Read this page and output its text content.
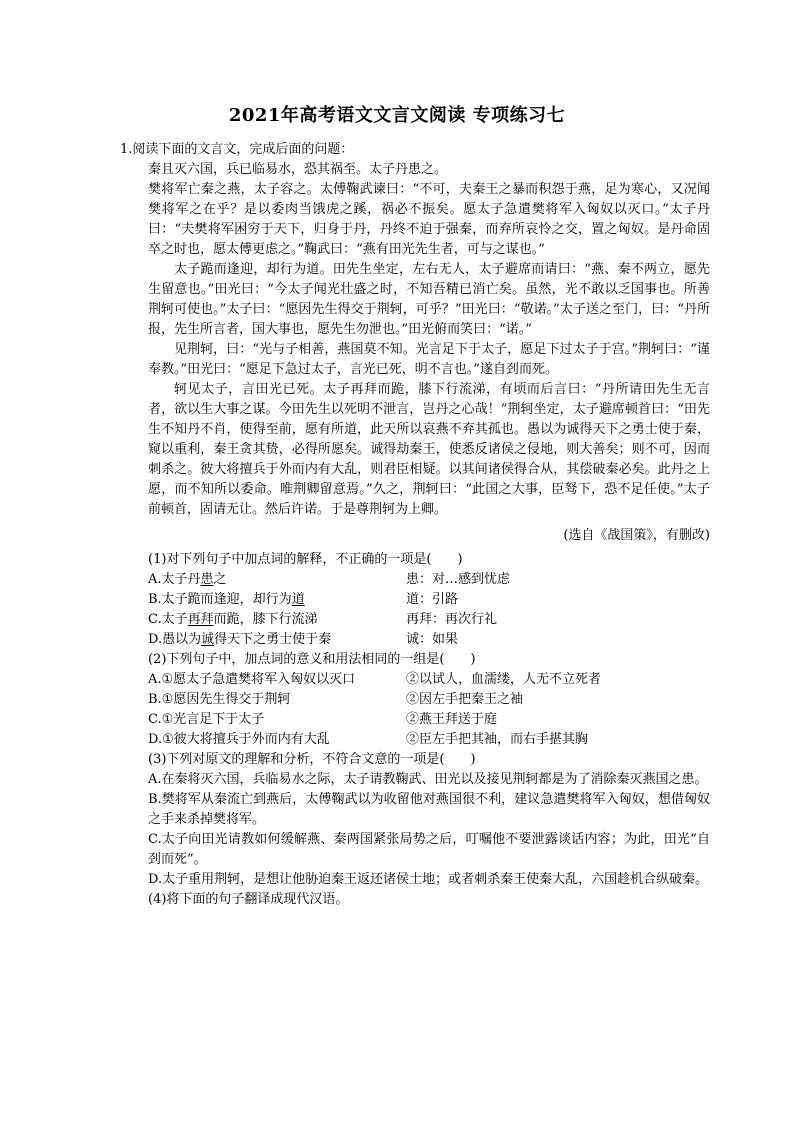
2021年高考语文文言文阅读 专项练习七

1.阅读下面的文言文，完成后面的问题：

秦且灭六国，兵已临易水，恐其祸至。太子丹患之。

樊将军亡秦之燕，太子容之。太傅鞠武谏曰：“不可，夫秦王之暴而积怨于燕，足为寒心，又况闻樊将军之在乎？是以委肉当饿虎之蹊，祸必不振矣。愿太子急遣樊将军入匈奴以灭口。”太子丹曰：“夫樊将军困穷于天下，归身于丹，丹终不迫于强秦，而弃所哀怜之交，置之匈奴。是丹命固卒之时也，愿太傅更虑之。”鞠武曰：“燕有田光先生者，可与之谋也。”

太子跪而逢迎，却行为道。田先生坐定，左右无人，太子避席而请曰：“燕、秦不两立，愿先生留意也。”田光曰：“今太子闻光壮盛之时，不知吾精已消亡矣。虽然，光不敢以乏国事也。所善荆轲可使也。”太子曰：“愿因先生得交于荆轲，可乎？”田光曰：“敬诺。”太子送之至门，曰：“丹所报，先生所言者，国大事也，愿先生勿泄也。”田光俯而笑曰：“诺。”

见荆轲，曰：“光与子相善，燕国莫不知。光言足下于太子，愿足下过太子于宫。”荆轲曰：“谨奉教。”田光曰：“愿足下急过太子，言光已死，明不言也。”遂自刭而死。

轲见太子，言田光已死。太子再拜而跪，膝下行流涕，有顷而后言曰：“丹所请田先生无言者，欲以生大事之谋。今田先生以死明不泄言，岂丹之心哉！”荆轲坐定，太子避席顿首曰：“田先生不知丹不肖，使得至前，愿有所道，此天所以哀燕不弃其孤也。愚以为诚得天下之勇士使于秦，窥以重利，秦王贪其贽，必得所愿矣。诚得劫秦王，使悉反诸侯之侵地，则大善矣；则不可，因而刺杀之。彼大将擅兵于外而内有大乱，则君臣相疑。以其间诸侯得合从，其偿破秦必矣。此丹之上愿，而不知所以委命。唯荆卿留意焉。”久之，荆轲曰：“此国之大事，臣驽下，恐不足任使。”太子前顿首，固请无让。然后许诺。于是尊荆轲为上卿。

(选自《战国策》，有删改)

(1)对下列句子中加点词的解释，不正确的一项是(　　)

A.太子丹患之	患：对…感到忧虑
B.太子跪而逢迎，却行为道	道：引路
C.太子再拜而跪，膝下行流涕	再拜：再次行礼
D.愚以为诚得天下之勇士使于秦	诚：如果

(2)下列句子中，加点词的意义和用法相同的一组是(　　)

A.①愿太子急遣樊将军入匈奴以灭口	②以试人，血濡缕，人无不立死者
B.①愿因先生得交于荆轲	②因左手把秦王之袖
C.①光言足下于太子	②燕王拜送于庭
D.①彼大将擅兵于外而内有大乱	②臣左手把其袖，而右手揕其胸

(3)下列对原文的理解和分析，不符合文意的一项是(　　)

A.在秦将灭六国，兵临易水之际，太子请教鞠武、田光以及接见荆轲都是为了消除秦灭燕国之患。

B.樊将军从秦流亡到燕后，太傅鞠武以为收留他对燕国很不利，建议急遣樊将军入匈奴，想借匈奴之手来杀掉樊将军。

C.太子向田光请教如何缓解燕、秦两国紧张局势之后，叮嘱他不要泄露谈话内容；为此，田光“自刭而死”。

D.太子重用荆轲，是想让他胁迫秦王返还诸侯土地；或者刺杀秦王使秦大乱，六国趁机合纵破秦。

(4)将下面的句子翻译成现代汉语。
